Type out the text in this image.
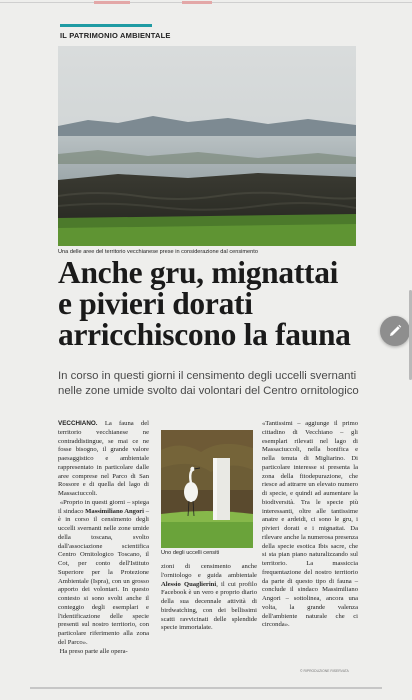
IL PATRIMONIO AMBIENTALE
Una delle aree del territorio vecchianese prese in considerazione dal censimento
Anche gru, mignattai
e pivieri dorati
arricchiscono la fauna
In corso in questi giorni il censimento degli uccelli svernanti nelle zone umide svolto dai volontari del Centro ornitologico
VECCHIANO. La fauna del territorio vecchianese ne contraddistingue, se mai ce ne fosse bisogno, il grande valore paesaggistico e ambientale rappresentato in particolare dalle aree comprese nel Parco di San Rossore e di quella del lago di Massaciuccoli.
«Proprio in questi giorni – spiega il sindaco Massimiliano Angori – è in corso il censimento degli uccelli svernanti nelle zone umide della toscana, svolto dall'associazione scientifica Centro Ornitologico Toscano, il Cot, per conto dell'Istituto Superiore per la Protezione Ambientale (Ispra), con un grosso apporto dei volontari. In questo contesto si sono svolti anche il conteggio degli esemplari e l'identificazione delle specie presenti sul nostro territorio, con particolare riferimento alla zona del Parco».
Ha preso parte alle opera-
Uno degli uccelli censiti
zioni di censimento anche l'ornitologo e guida ambientale Alessio Quaglierini, il cui profilo Facebook è un vero e proprio diario della sua decennale attività di birdwatching, con dei bellissimi scatti ravvicinati delle splendide specie immortalate.
«Tantissimi – aggiunge il primo cittadino di Vecchiano – gli esemplari rilevati nel lago di Massaciuccoli, nella bonifica e nella tenuta di Migliarino. Di particolare interesse si presenta la zona della fitodepurazione, che riesce ad attrarre un elevato numero di specie, e quindi ad aumentare la biodiversità. Tra le specie più interessanti, oltre alle tantissime anatre e ardeidi, ci sono le gru, i pivieri dorati e i mignattai. Da rilevare anche la numerosa presenza della specie esotica Ibis sacre, che si sta pian piano naturalizzando sul territorio. La massiccia frequentazione del nostro territorio da parte di questo tipo di fauna – conclude il sindaco Massimiliano Angori – sottolinea, ancora una volta, la grande valenza dell'ambiente naturale che ci circonda».
© RIPRODUZIONE RISERVATA
